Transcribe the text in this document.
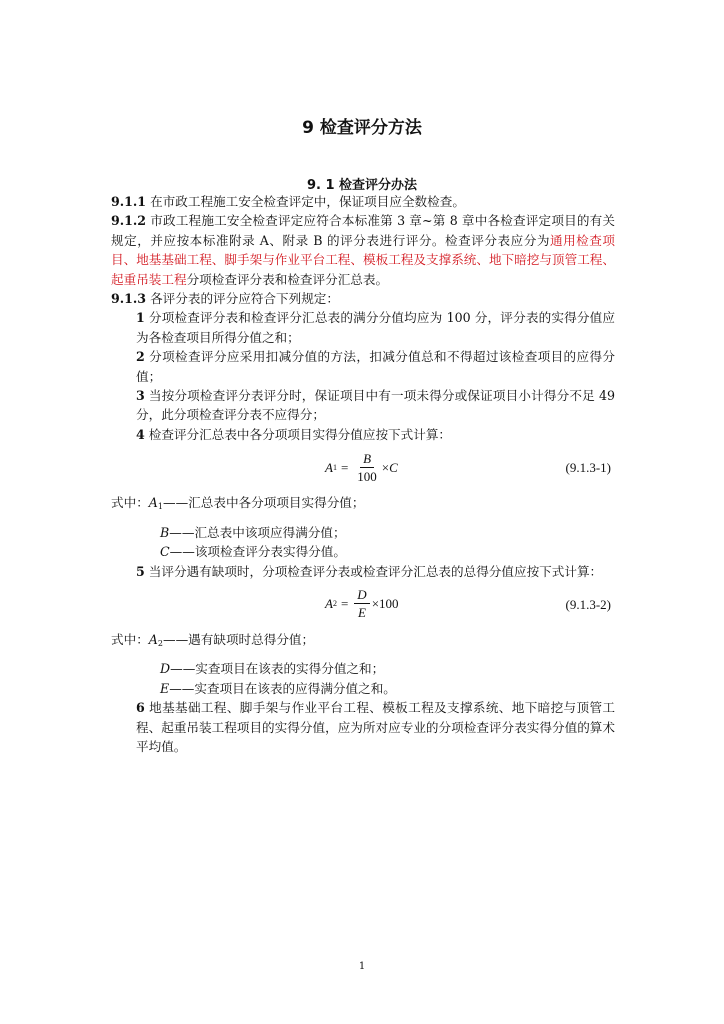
9 检查评分方法
9. 1 检查评分办法

9.1.1 在市政工程施工安全检查评定中，保证项目应全数检查。

9.1.2 市政工程施工安全检查评定应符合本标准第 3 章~第 8 章中各检查评定项目的有关规定，并应按本标准附录 A、附录 B 的评分表进行评分。检查评分表应分为通用检查项目、地基基础工程、脚手架与作业平台工程、模板工程及支撑系统、地下暗挖与顶管工程、起重吊装工程分项检查评分表和检查评分汇总表。

9.1.3 各评分表的评分应符合下列规定：

1 分项检查评分表和检查评分汇总表的满分分值均应为 100 分，评分表的实得分值应为各检查项目所得分值之和；

2 分项检查评分应采用扣减分值的方法，扣减分值总和不得超过该检查项目的应得分值；

3 当按分项检查评分表评分时，保证项目中有一项未得分或保证项目小计得分不足 49 分，此分项检查评分表不应得分；

4 检查评分汇总表中各分项项目实得分值应按下式计算：

A $1 = \frac{B}{100} \times C$	(9.1.3-1)

式中：$A_1——$汇总表中各分项项目实得分值；

B——汇总表中该项应得满分值；

C——该项检查评分表实得分值。

5 当评分遇有缺项时，分项检查评分表或检查评分汇总表的总得分值应按下式计算：

A $2 = \frac{D}{E} \times 100$	(9.1.3-2)

式中：$A_2——$遇有缺项时总得分值；

D——实查项目在该表的实得分值之和；

E——实查项目在该表的应得满分值之和。

6 地基基础工程、脚手架与作业平台工程、模板工程及支撑系统、地下暗挖与顶管工程、起重吊装工程项目的实得分值，应为所对应专业的分项检查评分表实得分值的算术平均值。

1
